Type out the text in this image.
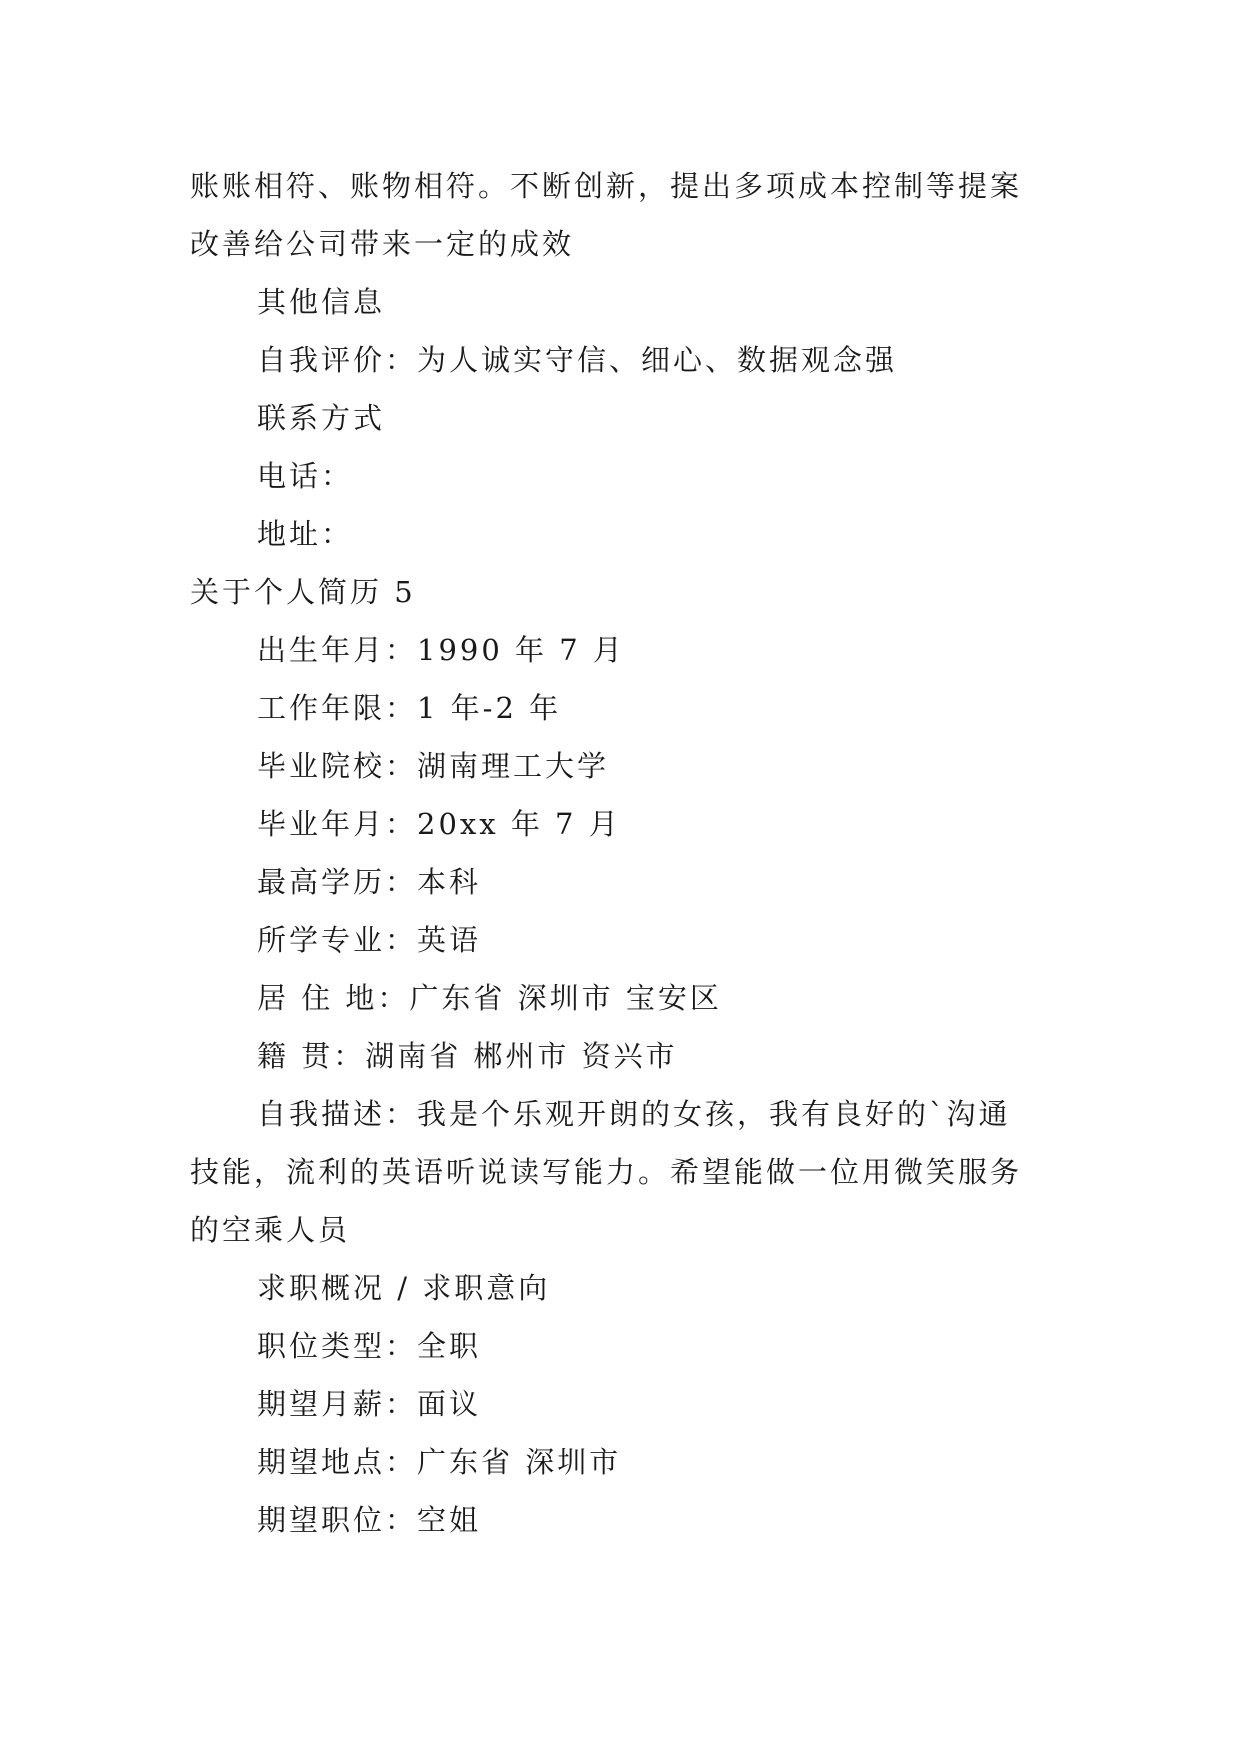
账账相符、账物相符。不断创新，提出多项成本控制等提案
改善给公司带来一定的成效
其他信息
自我评价：为人诚实守信、细心、数据观念强
联系方式
电话：
地址：
关于个人简历 5
出生年月：1990 年 7 月
工作年限：1 年-2 年
毕业院校：湖南理工大学
毕业年月：20xx 年 7 月
最高学历：本科
所学专业：英语
居 住 地：广东省 深圳市 宝安区
籍 贯：湖南省 郴州市 资兴市
自我描述：我是个乐观开朗的女孩，我有良好的`沟通
技能，流利的英语听说读写能力。希望能做一位用微笑服务
的空乘人员
求职概况 / 求职意向
职位类型：全职
期望月薪：面议
期望地点：广东省 深圳市
期望职位：空姐
